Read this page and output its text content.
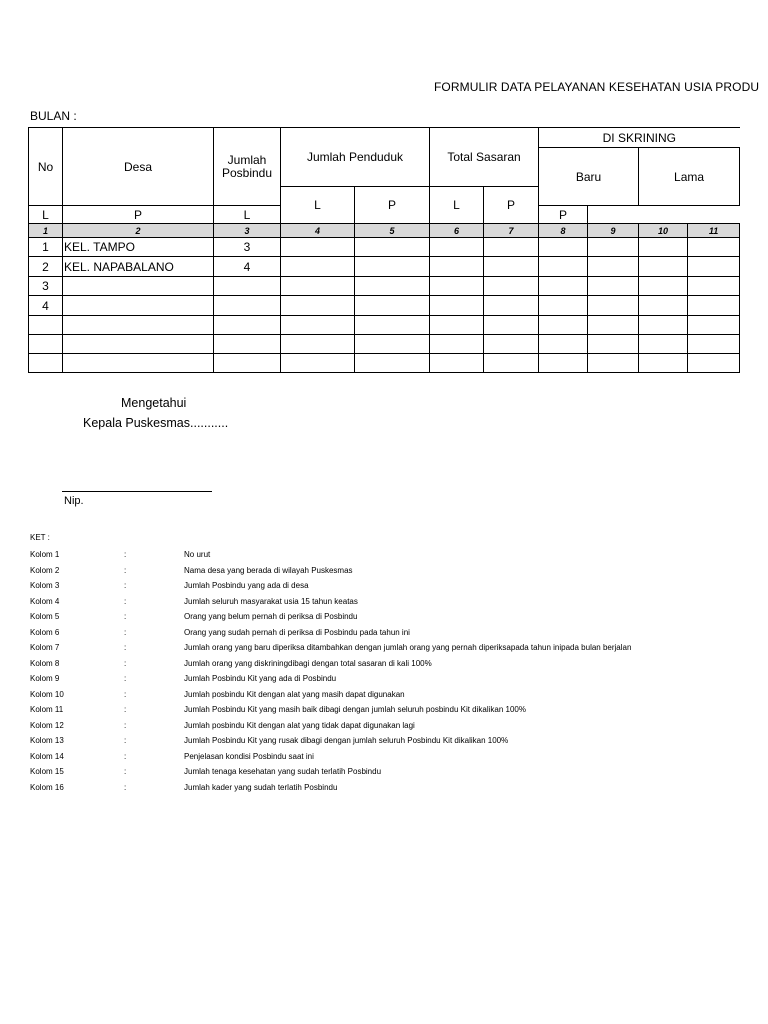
FORMULIR DATA PELAYANAN KESEHATAN USIA PRODU
BULAN :
No	Desa	Jumlah Posbindu	Jumlah Penduduk		Total Sasaran		DI SKRINING			
							Baru		Lama	
			L	P	L	P				
L	P	L					P			
1	2	3	4	5	6	7	8	9	10	11
1	KEL. TAMPO	3								
2	KEL. NAPABALANO	4								
3										
4										

Mengetahui
Kepala Puskesmas...........
Nip.
KET :
Kolom 1	:	No urut
Kolom 2	:	Nama desa yang berada di wilayah Puskesmas
Kolom 3	:	Jumlah Posbindu yang ada di desa
Kolom 4	:	Jumlah seluruh masyarakat usia 15 tahun keatas
Kolom 5	:	Orang yang belum pernah di periksa di Posbindu
Kolom 6	:	Orang yang sudah pernah di periksa di Posbindu pada tahun ini
Kolom 7	:	Jumlah orang yang baru diperiksa ditambahkan dengan jumlah orang yang pernah diperiksapada tahun inipada bulan berjalan
Kolom 8	:	Jumlah orang yang diskriningdibagi dengan total sasaran di kali 100%
Kolom 9	:	Jumlah Posbindu Kit yang ada di Posbindu
Kolom 10	:	Jumlah posbindu Kit dengan alat yang masih dapat digunakan
Kolom 11	:	Jumlah Posbindu Kit yang masih baik dibagi dengan jumlah seluruh posbindu Kit dikalikan 100%
Kolom 12	:	Jumlah posbindu Kit dengan alat yang tidak dapat digunakan lagi
Kolom 13	:	Jumlah Posbindu Kit yang rusak dibagi dengan jumlah seluruh Posbindu Kit dikalikan 100%
Kolom 14	:	Penjelasan kondisi Posbindu saat ini
Kolom 15	:	Jumlah tenaga kesehatan yang sudah terlatih Posbindu
Kolom 16	:	Jumlah kader yang sudah terlatih Posbindu
